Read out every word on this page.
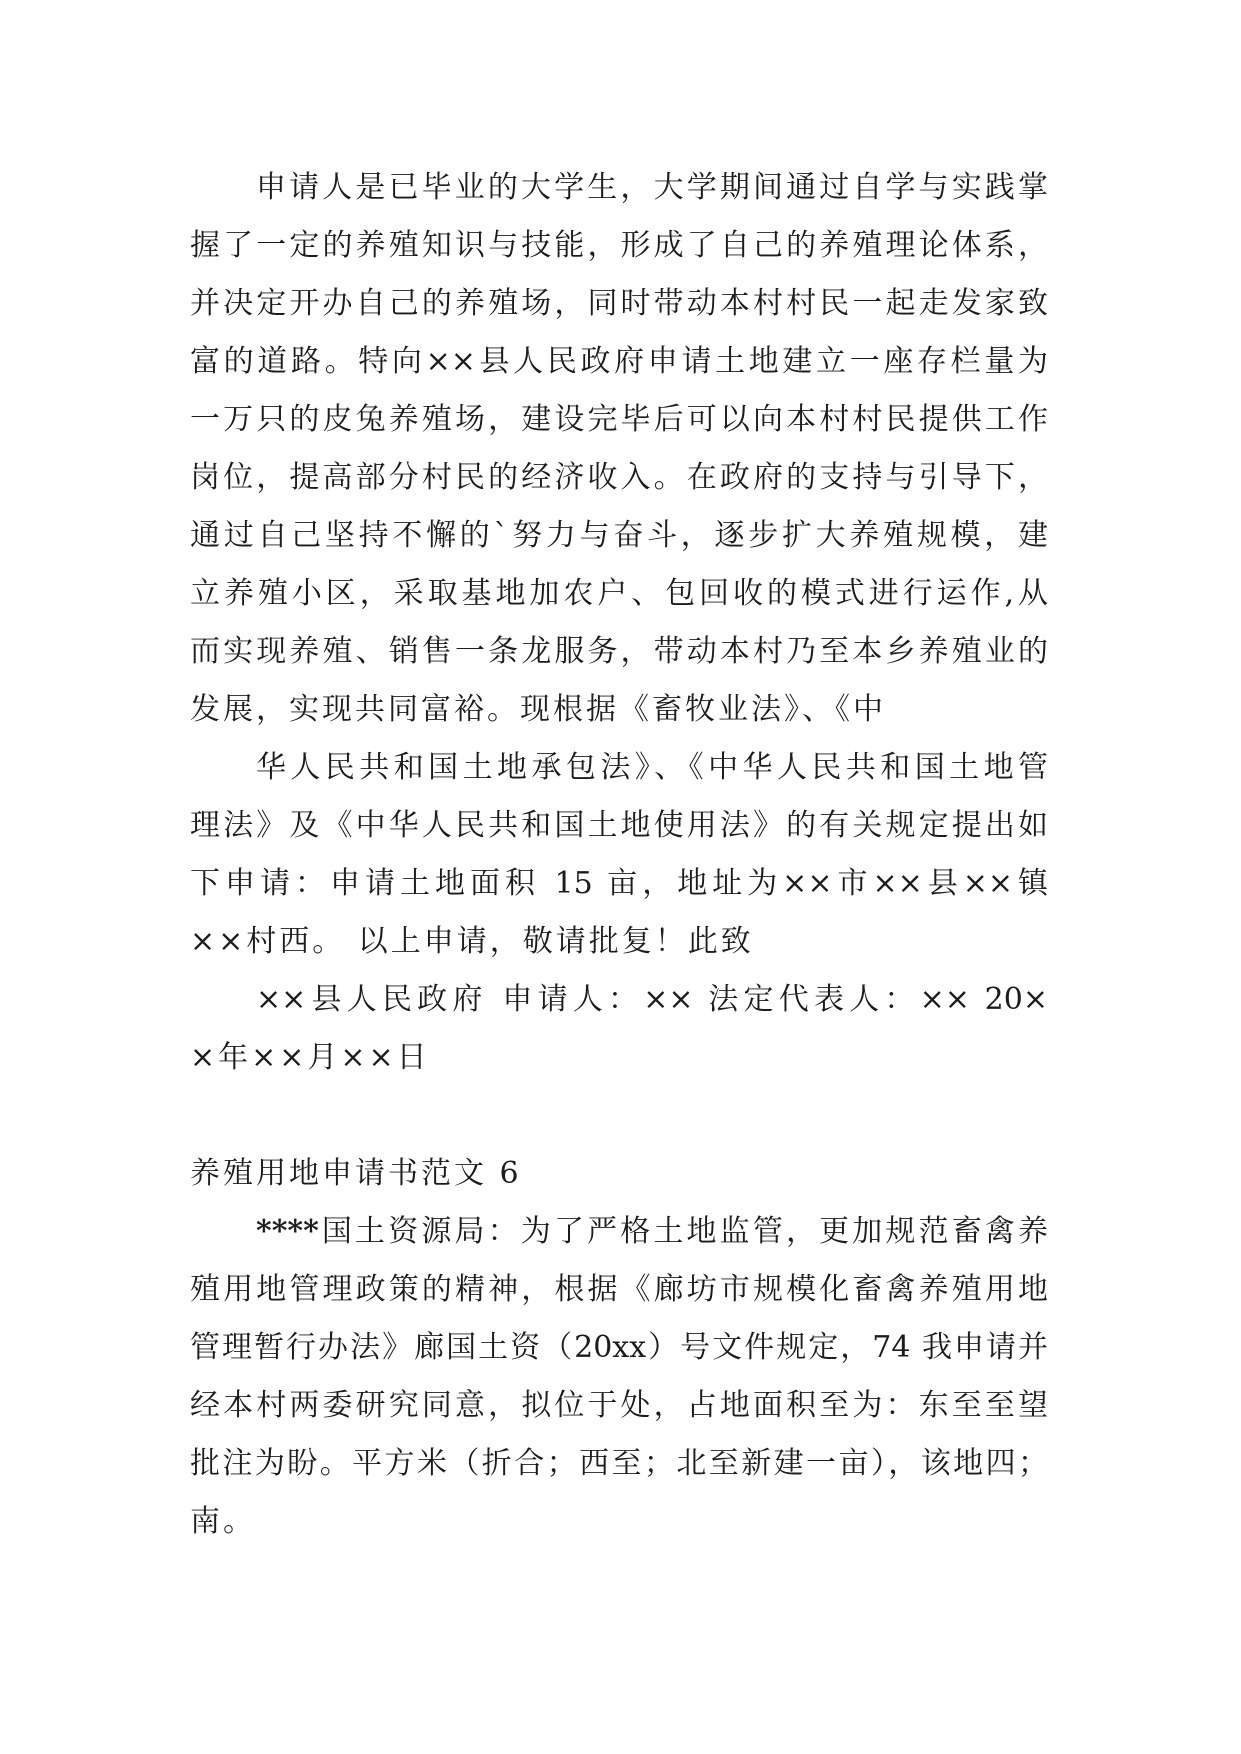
申请人是已毕业的大学生，大学期间通过自学与实践掌
握了一定的养殖知识与技能，形成了自己的养殖理论体系，
并决定开办自己的养殖场，同时带动本村村民一起走发家致
富的道路。特向××县人民政府申请土地建立一座存栏量为
一万只的皮兔养殖场，建设完毕后可以向本村村民提供工作
岗位，提高部分村民的经济收入。在政府的支持与引导下，
通过自己坚持不懈的`努力与奋斗，逐步扩大养殖规模，建
立养殖小区，采取基地加农户、包回收的模式进行运作,从
而实现养殖、销售一条龙服务，带动本村乃至本乡养殖业的
发展，实现共同富裕。现根据《畜牧业法》、《中
华人民共和国土地承包法》、《中华人民共和国土地管
理法》及《中华人民共和国土地使用法》的有关规定提出如
下申请：申请土地面积 15 亩，地址为××市××县××镇
××村西。 以上申请，敬请批复！此致
××县人民政府 申请人：×× 法定代表人：×× 20×
×年××月××日
养殖用地申请书范文 6
****国土资源局：为了严格土地监管，更加规范畜禽养
殖用地管理政策的精神，根据《廊坊市规模化畜禽养殖用地
管理暂行办法》廊国土资（20xx）号文件规定，74 我申请并
经本村两委研究同意，拟位于处，占地面积至为：东至至望
批注为盼。平方米（折合；西至；北至新建一亩），该地四；
南。
